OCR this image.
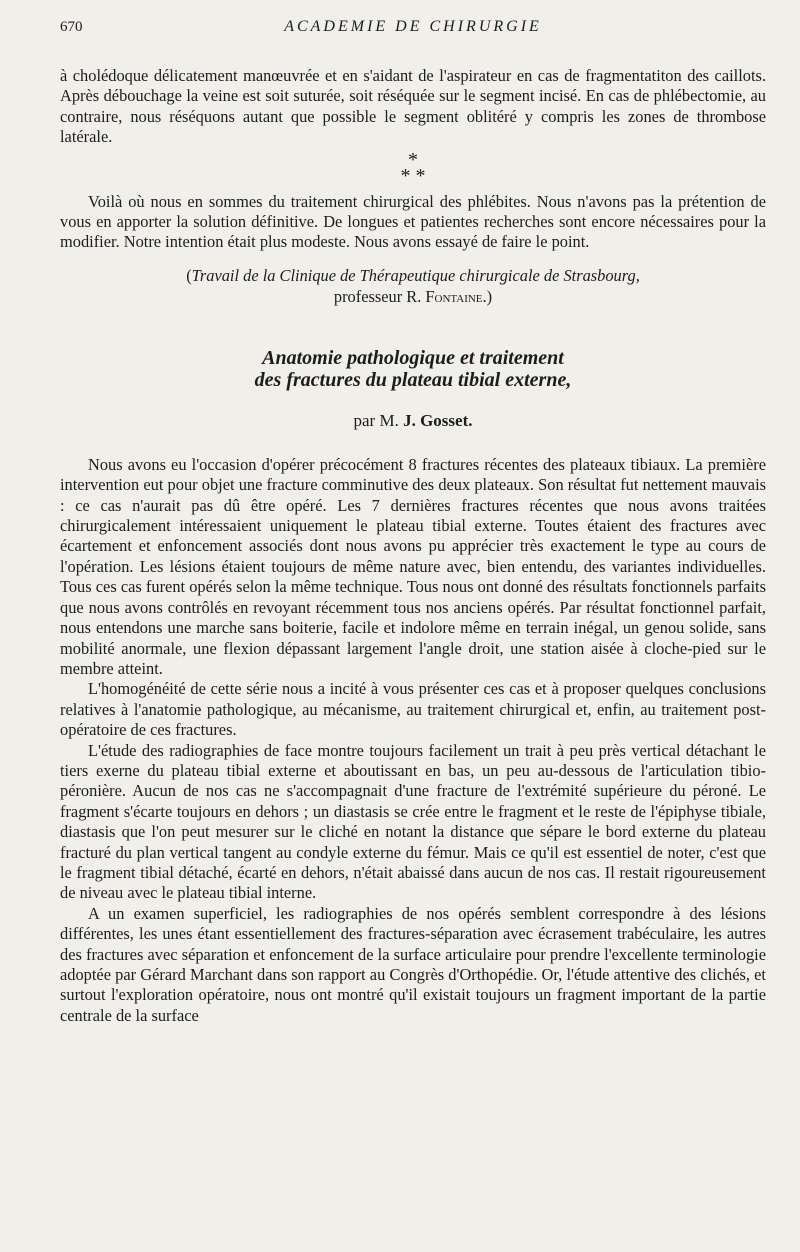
670	ACADEMIE DE CHIRURGIE

à cholédoque délicatement manœuvrée et en s'aidant de l'aspirateur en cas de fragmentatiton des caillots. Après débouchage la veine est soit suturée, soit réséquée sur le segment incisé. En cas de phlébectomie, au contraire, nous réséquons autant que possible le segment oblitéré y compris les zones de thrombose latérale.

*
* *

Voilà où nous en sommes du traitement chirurgical des phlébites. Nous n'avons pas la prétention de vous en apporter la solution définitive. De longues et patientes recherches sont encore nécessaires pour la modifier. Notre intention était plus modeste. Nous avons essayé de faire le point.

(Travail de la Clinique de Thérapeutique chirurgicale de Strasbourg,
professeur R. Fontaine.)
Anatomie pathologique et traitement
des fractures du plateau tibial externe,
par M. J. Gosset.

Nous avons eu l'occasion d'opérer précocément 8 fractures récentes des plateaux tibiaux. La première intervention eut pour objet une fracture comminutive des deux plateaux. Son résultat fut nettement mauvais : ce cas n'aurait pas dû être opéré. Les 7 dernières fractures récentes que nous avons traitées chirurgicalement intéressaient uniquement le plateau tibial externe. Toutes étaient des fractures avec écartement et enfoncement associés dont nous avons pu apprécier très exactement le type au cours de l'opération. Les lésions étaient toujours de même nature avec, bien entendu, des variantes individuelles. Tous ces cas furent opérés selon la même technique. Tous nous ont donné des résultats fonctionnels parfaits que nous avons contrôlés en revoyant récemment tous nos anciens opérés. Par résultat fonctionnel parfait, nous entendons une marche sans boiterie, facile et indolore même en terrain inégal, un genou solide, sans mobilité anormale, une flexion dépassant largement l'angle droit, une station aisée à cloche-pied sur le membre atteint.

L'homogénéité de cette série nous a incité à vous présenter ces cas et à proposer quelques conclusions relatives à l'anatomie pathologique, au mécanisme, au traitement chirurgical et, enfin, au traitement post-opératoire de ces fractures.

L'étude des radiographies de face montre toujours facilement un trait à peu près vertical détachant le tiers exerne du plateau tibial externe et aboutissant en bas, un peu au-dessous de l'articulation tibio-péronière. Aucun de nos cas ne s'accompagnait d'une fracture de l'extrémité supérieure du péroné. Le fragment s'écarte toujours en dehors ; un diastasis se crée entre le fragment et le reste de l'épiphyse tibiale, diastasis que l'on peut mesurer sur le cliché en notant la distance que sépare le bord externe du plateau fracturé du plan vertical tangent au condyle externe du fémur. Mais ce qu'il est essentiel de noter, c'est que le fragment tibial détaché, écarté en dehors, n'était abaissé dans aucun de nos cas. Il restait rigoureusement de niveau avec le plateau tibial interne.

A un examen superficiel, les radiographies de nos opérés semblent correspondre à des lésions différentes, les unes étant essentiellement des fractures-séparation avec écrasement trabéculaire, les autres des fractures avec séparation et enfoncement de la surface articulaire pour prendre l'excellente terminologie adoptée par Gérard Marchant dans son rapport au Congrès d'Orthopédie. Or, l'étude attentive des clichés, et surtout l'exploration opératoire, nous ont montré qu'il existait toujours un fragment important de la partie centrale de la surface
